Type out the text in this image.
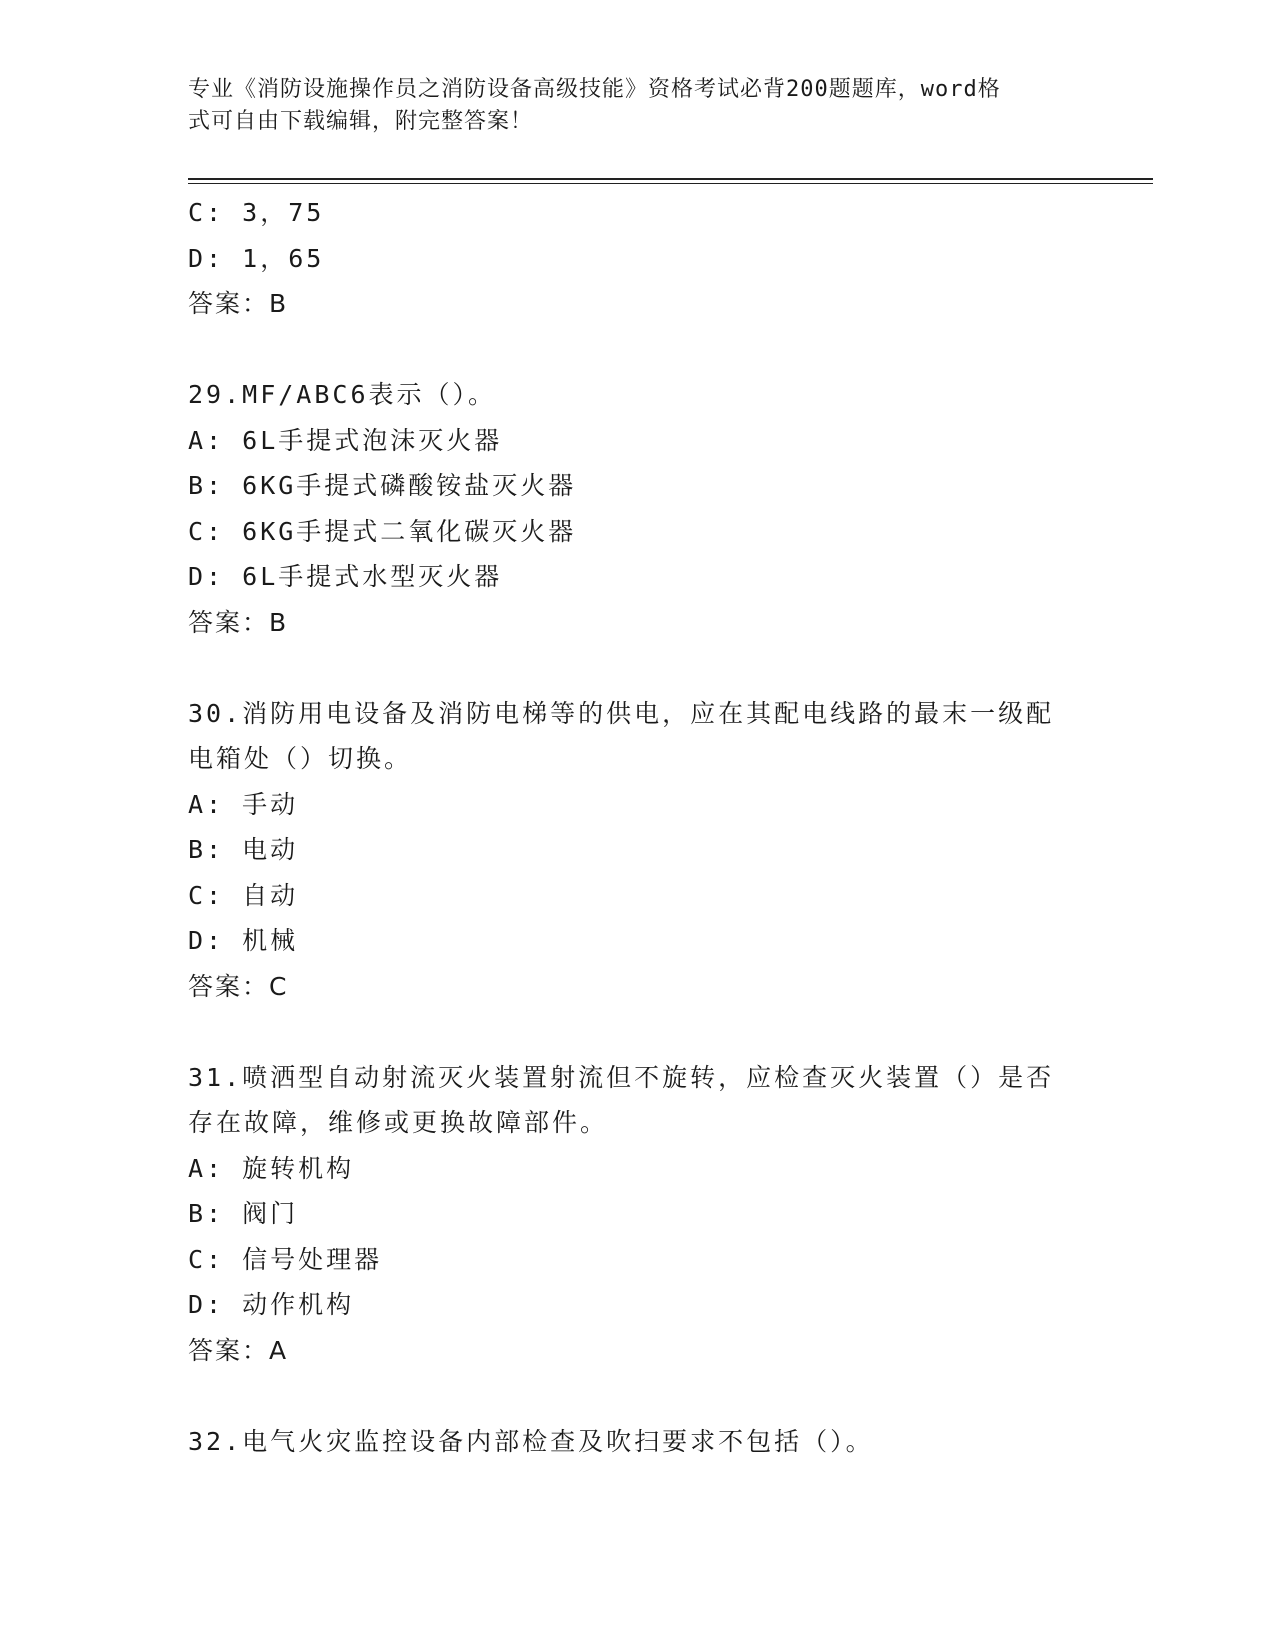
专业《消防设施操作员之消防设备高级技能》资格考试必背200题题库，word格
式可自由下载编辑，附完整答案！
C: 3，75
D: 1，65
答案：B
29.MF/ABC6表示（）。
A: 6L手提式泡沫灭火器
B: 6KG手提式磷酸铵盐灭火器
C: 6KG手提式二氧化碳灭火器
D: 6L手提式水型灭火器
答案：B
30.消防用电设备及消防电梯等的供电，应在其配电线路的最末一级配
电箱处（）切换。
A: 手动
B: 电动
C: 自动
D: 机械
答案：C
31.喷洒型自动射流灭火装置射流但不旋转，应检查灭火装置（）是否
存在故障，维修或更换故障部件。
A: 旋转机构
B: 阀门
C: 信号处理器
D: 动作机构
答案：A
32.电气火灾监控设备内部检查及吹扫要求不包括（）。
